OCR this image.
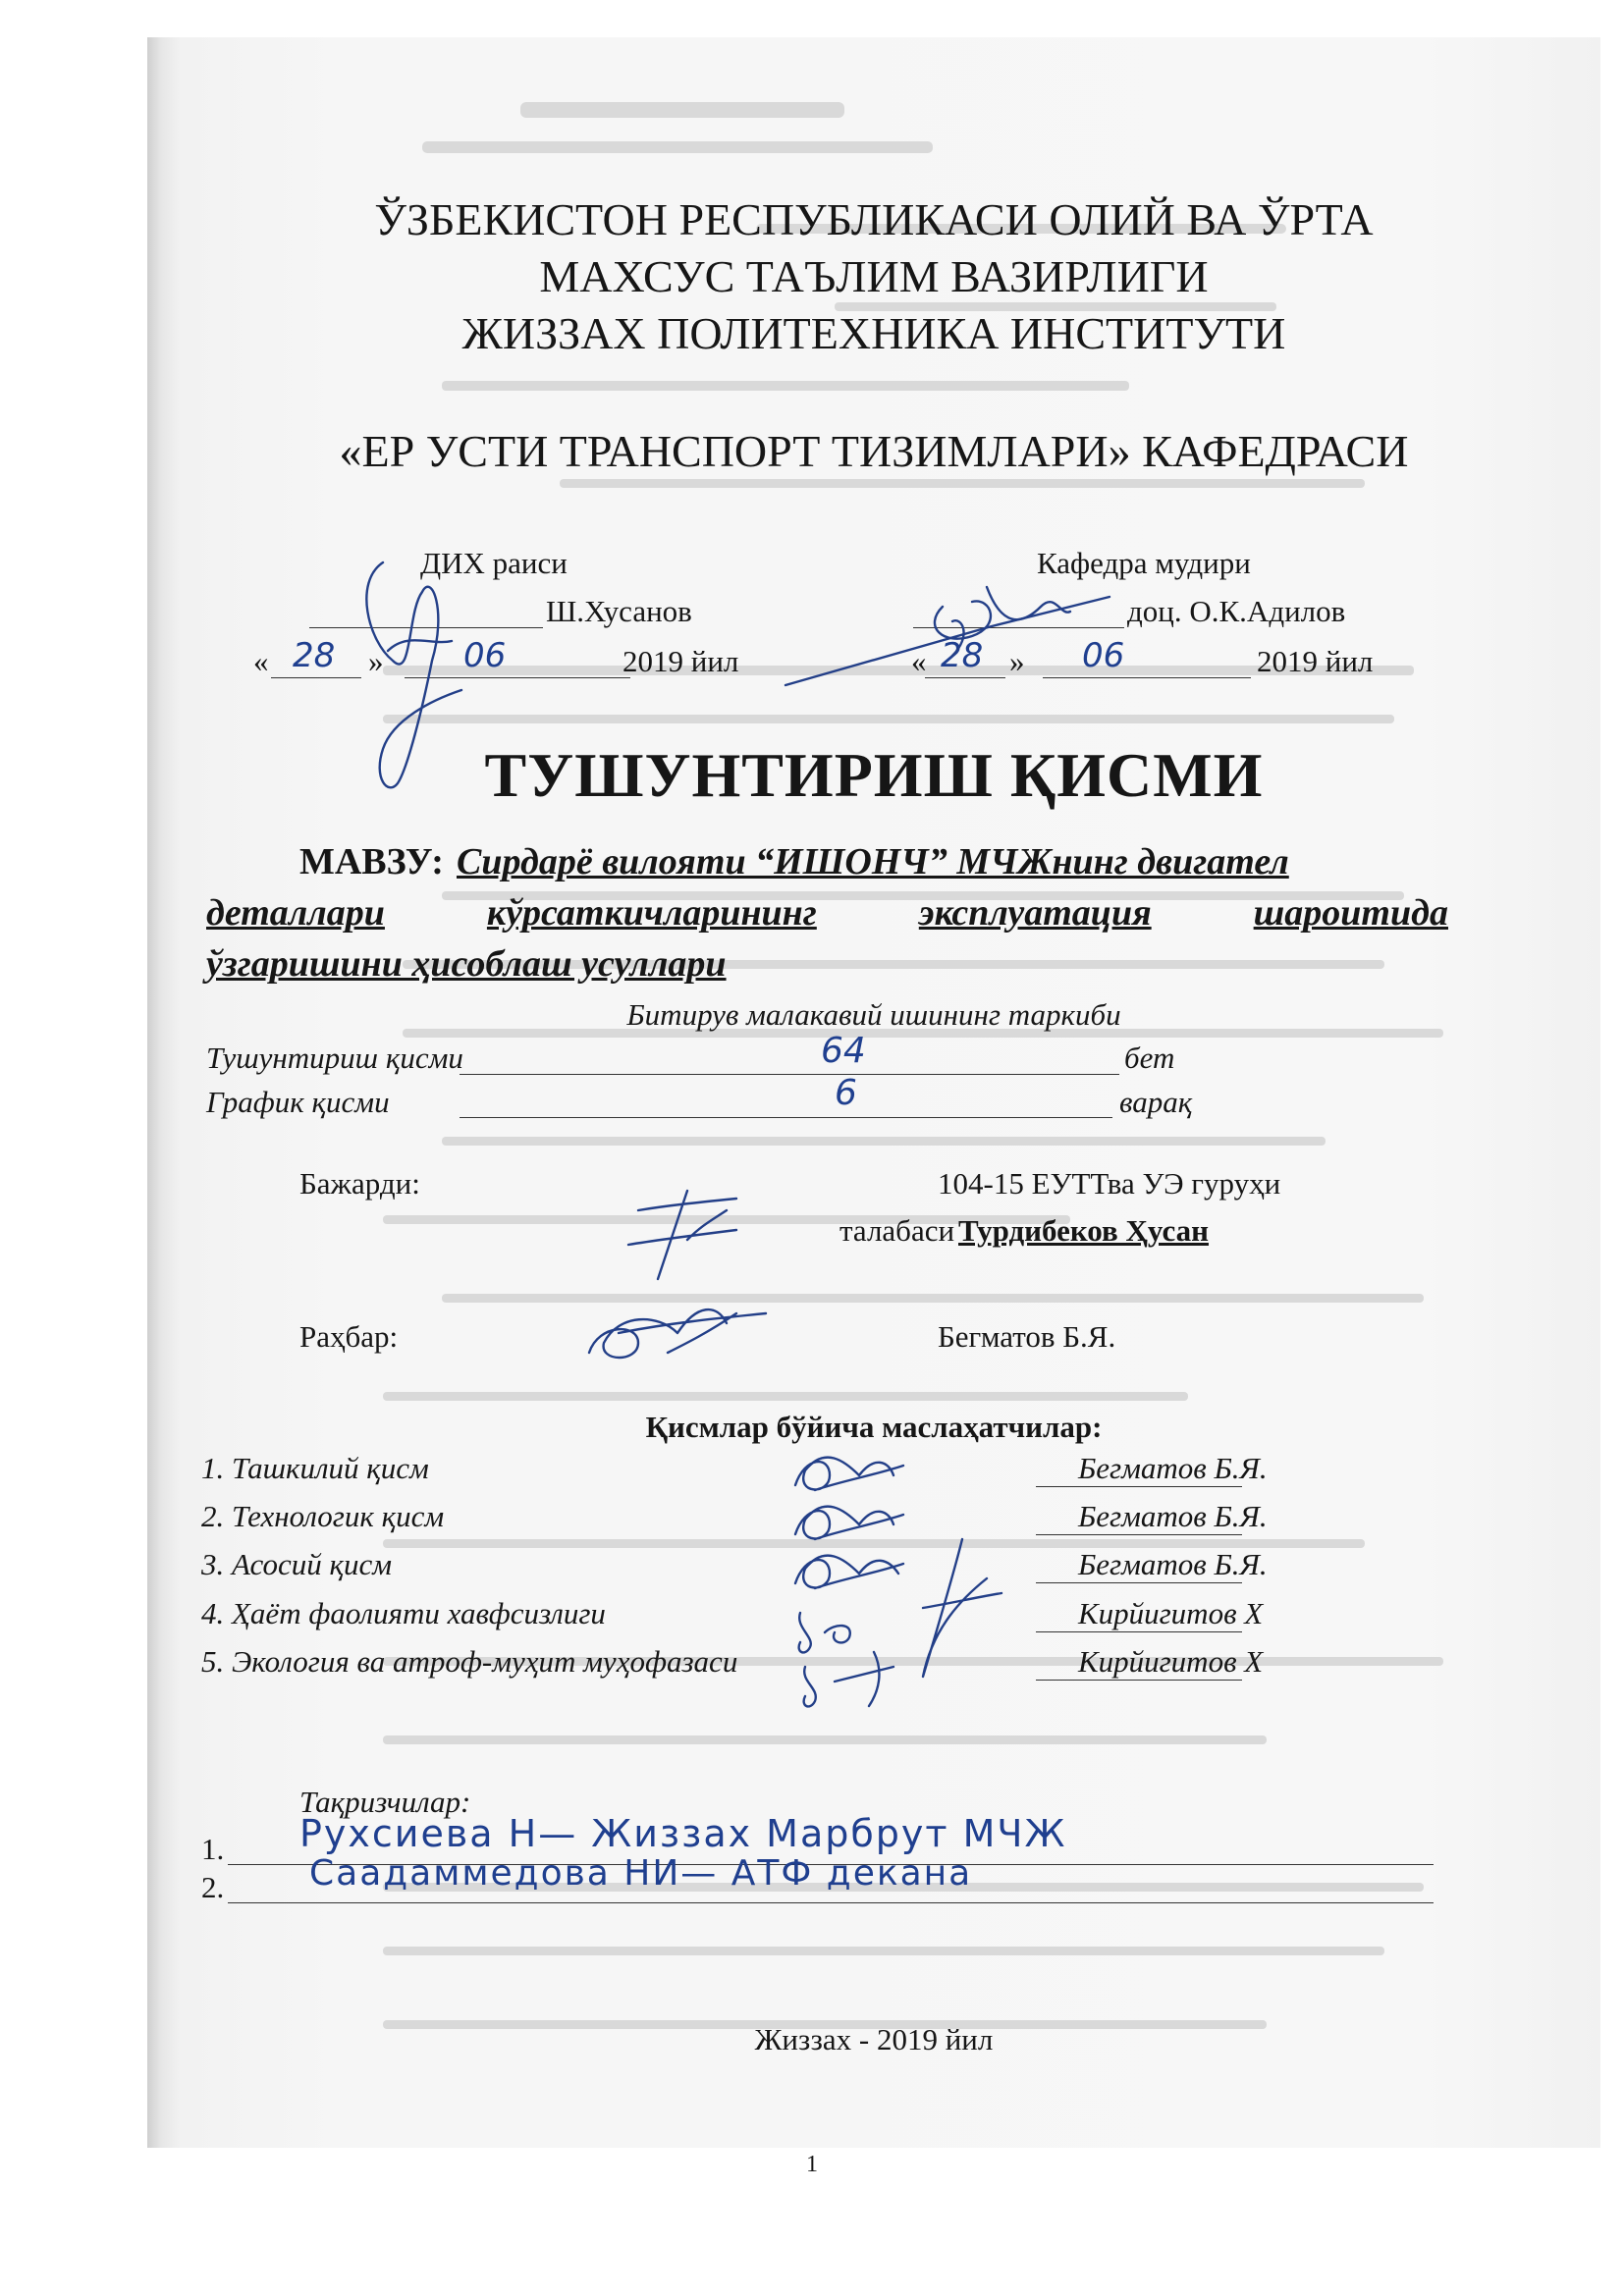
ЎЗБЕКИСТОН РЕСПУБЛИКАСИ ОЛИЙ ВА ЎРТА
МАХСУС ТАЪЛИМ ВАЗИРЛИГИ
ЖИЗЗАХ ПОЛИТЕХНИКА ИНСТИТУТИ
«ЕР УСТИ ТРАНСПОРТ ТИЗИМЛАРИ» КАФЕДРАСИ
ДИХ раиси
Ш.Хусанов
« 28 » 06	2019 йил
Кафедра мудири
доц. О.К.Адилов
« 28 » 06	2019 йил
ТУШУНТИРИШ ҚИСМИ
МАВЗУ: Сирдарё вилояти “ИШОНЧ” МЧЖнинг двигател
деталлари	кўрсаткичларининг	эксплуатация	шароитида
ўзгаришини ҳисоблаш усуллари
Битирув малакавий ишининг таркиби
Тушунтириш қисми	64	бет
График қисми	6	варақ
Бажарди:	104-15 ЕУТТва УЭ гуруҳи
талабаси Турдибеков Ҳусан
Раҳбар:	Бегматов Б.Я.
Қисмлар бўйича маслаҳатчилар:
1. Ташкилий қисм	Бегматов Б.Я.
2. Технологик қисм	Бегматов Б.Я.
3. Асосий қисм	Бегматов Б.Я.
4. Ҳаёт фаолияти хавфсизлиги	Кирйигитов Х
5. Экология ва атроф-муҳит муҳофазаси	Кирйигитов Х
Тақризчилар:
1. Рухсиева Н— Жиззах Марбрут МЧЖ
2. Саадаммедова НИ— АТФ декана
Жиззах - 2019 йил
1
